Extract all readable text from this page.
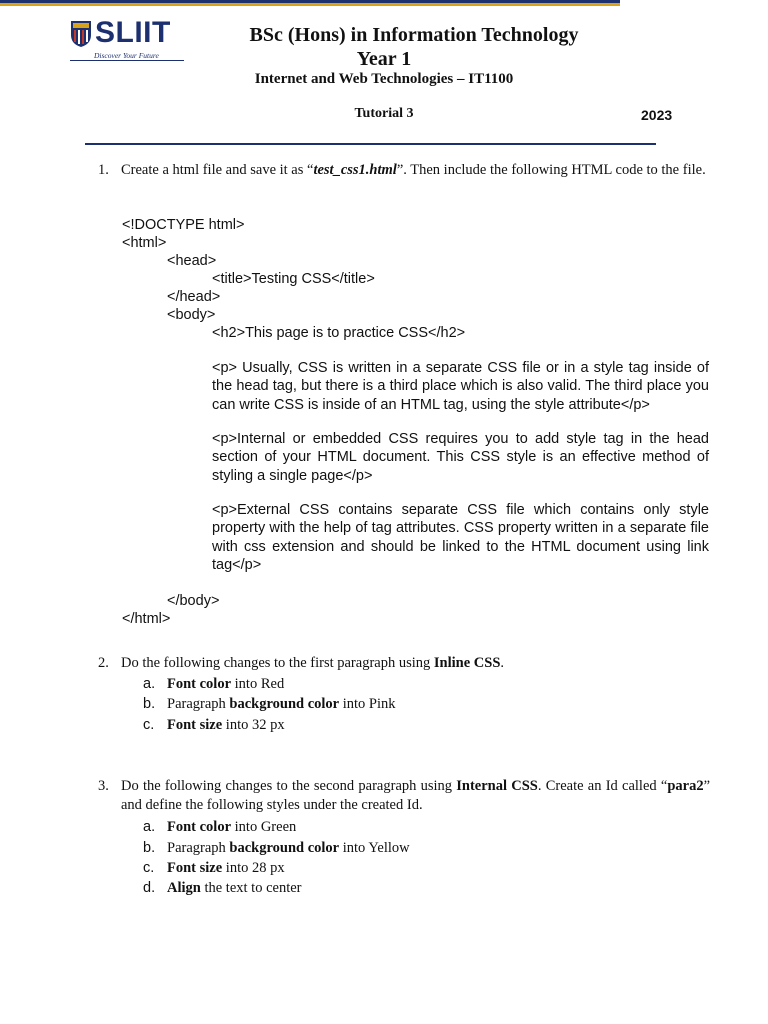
SLIIT
Discover Your Future
BSc (Hons) in Information Technology
Year 1
Internet and Web Technologies – IT1100
Tutorial 3	2023
1. Create a html file and save it as “test_css1.html”. Then include the following HTML code to the file.
<!DOCTYPE html>
<html>
<head>
<title>Testing CSS</title>
</head>
<body>
<h2>This page is to practice CSS</h2>
<p> Usually, CSS is written in a separate CSS file or in a style tag inside of the head tag, but there is a third place which is also valid. The third place you can write CSS is inside of an HTML tag, using the style attribute</p>
<p>Internal or embedded CSS requires you to add style tag in the head section of your HTML document. This CSS style is an effective method of styling a single page</p>
<p>External CSS contains separate CSS file which contains only style property with the help of tag attributes. CSS property written in a separate file with css extension and should be linked to the HTML document using link tag</p>
</body>
</html>
2. Do the following changes to the first paragraph using Inline CSS.
a. Font color into Red
b. Paragraph background color into Pink
c. Font size into 32 px
3. Do the following changes to the second paragraph using Internal CSS. Create an Id called “para2” and define the following styles under the created Id.
a. Font color into Green
b. Paragraph background color into Yellow
c. Font size into 28 px
d. Align the text to center
